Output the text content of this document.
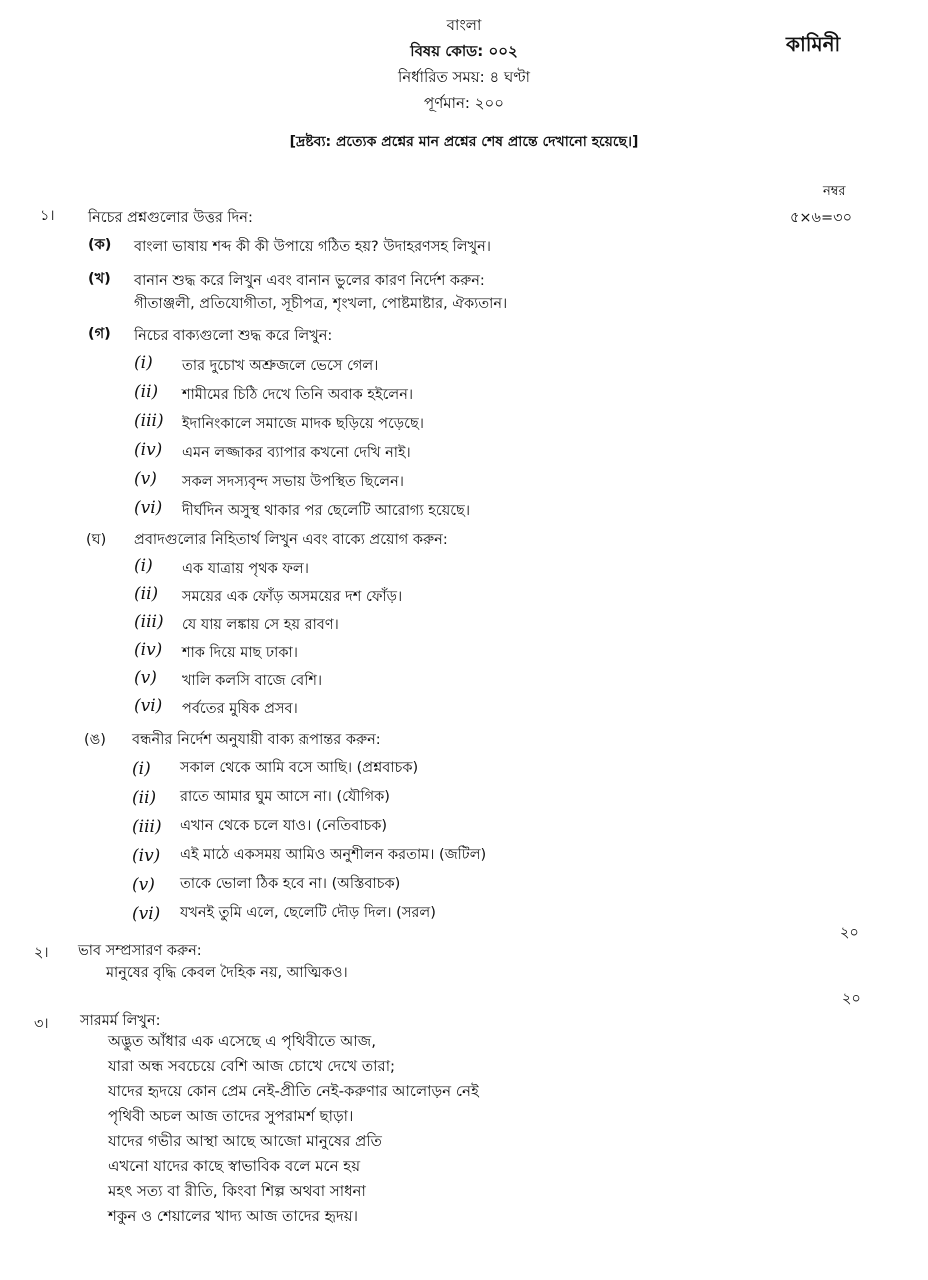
বাংলা
বিষয় কোড: ০০২
নির্ধারিত সময়: ৪ ঘণ্টা
পূর্ণমান: ২০০
[দ্রষ্টব্য: প্রত্যেক প্রশ্নের মান প্রশ্নের শেষ প্রান্তে দেখানো হয়েছে।]
কামিনী
নম্বর
১। নিচের প্রশ্নগুলোর উত্তর দিন:	৫×৬=৩০
(ক) বাংলা ভাষায় শব্দ কী কী উপায়ে গঠিত হয়? উদাহরণসহ লিখুন।
(খ) বানান শুদ্ধ করে লিখুন এবং বানান ভুলের কারণ নির্দেশ করুন:
গীতাঞ্জলী, প্রতিযোগীতা, সূচীপত্র, শৃংখলা, পোষ্টমাষ্টার, ঐক্যতান।
(গ) নিচের বাক্যগুলো শুদ্ধ করে লিখুন:
(i) তার দুচোখ অশ্রুজলে ভেসে গেল।
(ii) শামীমের চিঠি দেখে তিনি অবাক হইলেন।
(iii) ইদানিংকালে সমাজে মাদক ছড়িয়ে পড়েছে।
(iv) এমন লজ্জাকর ব্যাপার কখনো দেখি নাই।
(v) সকল সদস্যবৃন্দ সভায় উপস্থিত ছিলেন।
(vi) দীর্ঘদিন অসুস্থ থাকার পর ছেলেটি আরোগ্য হয়েছে।
(ঘ) প্রবাদগুলোর নিহিতার্থ লিখুন এবং বাক্যে প্রয়োগ করুন:
(i) এক যাত্রায় পৃথক ফল।
(ii) সময়ের এক ফোঁড় অসময়ের দশ ফোঁড়।
(iii) যে যায় লঙ্কায় সে হয় রাবণ।
(iv) শাক দিয়ে মাছ ঢাকা।
(v) খালি কলসি বাজে বেশি।
(vi) পর্বতের মুষিক প্রসব।
(ঙ) বন্ধনীর নির্দেশ অনুযায়ী বাক্য রূপান্তর করুন:
(i) সকাল থেকে আমি বসে আছি। (প্রশ্নবাচক)
(ii) রাতে আমার ঘুম আসে না। (যৌগিক)
(iii) এখান থেকে চলে যাও। (নেতিবাচক)
(iv) এই মাঠে একসময় আমিও অনুশীলন করতাম। (জটিল)
(v) তাকে ভোলা ঠিক হবে না। (অস্তিবাচক)
(vi) যখনই তুমি এলে, ছেলেটি দৌড় দিল। (সরল)
২০
২। ভাব সম্প্রসারণ করুন:
মানুষের বৃদ্ধি কেবল দৈহিক নয়, আত্মিকও।
২০
৩। সারমর্ম লিখুন:
অদ্ভুত আঁধার এক এসেছে এ পৃথিবীতে আজ,
যারা অন্ধ সবচেয়ে বেশি আজ চোখে দেখে তারা;
যাদের হৃদয়ে কোন প্রেম নেই-প্রীতি নেই-করুণার আলোড়ন নেই
পৃথিবী অচল আজ তাদের সুপরামর্শ ছাড়া।
যাদের গভীর আস্থা আছে আজো মানুষের প্রতি
এখনো যাদের কাছে স্বাভাবিক বলে মনে হয়
মহৎ সত্য বা রীতি, কিংবা শিল্প অথবা সাধনা
শকুন ও শেয়ালের খাদ্য আজ তাদের হৃদয়।
